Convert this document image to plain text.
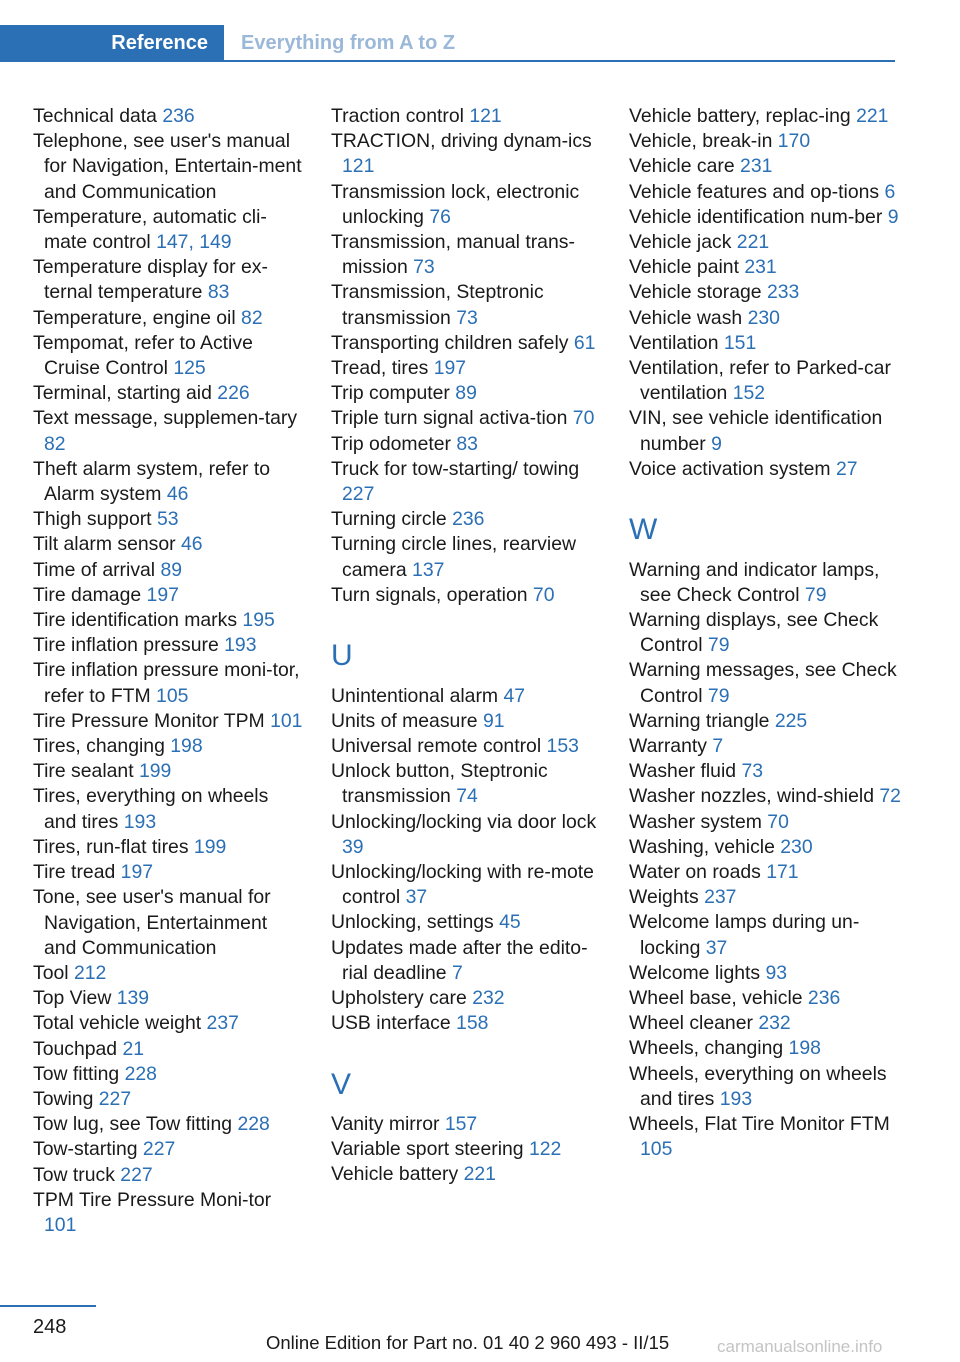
Reference	Everything from A to Z

Technical data 236

Telephone, see user's manual for Navigation, Entertain-ment and Communication

Temperature, automatic cli-mate control 147, 149

Temperature display for ex-ternal temperature 83

Temperature, engine oil 82

Tempomat, refer to Active Cruise Control 125

Terminal, starting aid 226

Text message, supplemen-tary 82

Theft alarm system, refer to Alarm system 46

Thigh support 53

Tilt alarm sensor 46

Time of arrival 89

Tire damage 197

Tire identification marks 195

Tire inflation pressure 193

Tire inflation pressure moni-tor, refer to FTM 105

Tire Pressure Monitor TPM 101

Tires, changing 198

Tire sealant 199

Tires, everything on wheels and tires 193

Tires, run-flat tires 199

Tire tread 197

Tone, see user's manual for Navigation, Entertainment and Communication

Tool 212

Top View 139

Total vehicle weight 237

Touchpad 21

Tow fitting 228

Towing 227

Tow lug, see Tow fitting 228

Tow-starting 227

Tow truck 227

TPM Tire Pressure Moni-tor 101

Traction control 121

TRACTION, driving dynam-ics 121

Transmission lock, electronic unlocking 76

Transmission, manual trans-mission 73

Transmission, Steptronic transmission 73

Transporting children safely 61

Tread, tires 197

Trip computer 89

Triple turn signal activa-tion 70

Trip odometer 83

Truck for tow-starting/ towing 227

Turning circle 236

Turning circle lines, rearview camera 137

Turn signals, operation 70

U

Unintentional alarm 47

Units of measure 91

Universal remote control 153

Unlock button, Steptronic transmission 74

Unlocking/locking via door lock 39

Unlocking/locking with re-mote control 37

Unlocking, settings 45

Updates made after the edito-rial deadline 7

Upholstery care 232

USB interface 158

V

Vanity mirror 157

Variable sport steering 122

Vehicle battery 221

Vehicle battery, replac-ing 221

Vehicle, break-in 170

Vehicle care 231

Vehicle features and op-tions 6

Vehicle identification num-ber 9

Vehicle jack 221

Vehicle paint 231

Vehicle storage 233

Vehicle wash 230

Ventilation 151

Ventilation, refer to Parked-car ventilation 152

VIN, see vehicle identification number 9

Voice activation system 27

W

Warning and indicator lamps, see Check Control 79

Warning displays, see Check Control 79

Warning messages, see Check Control 79

Warning triangle 225

Warranty 7

Washer fluid 73

Washer nozzles, wind-shield 72

Washer system 70

Washing, vehicle 230

Water on roads 171

Weights 237

Welcome lamps during un-locking 37

Welcome lights 93

Wheel base, vehicle 236

Wheel cleaner 232

Wheels, changing 198

Wheels, everything on wheels and tires 193

Wheels, Flat Tire Monitor FTM 105

248
Online Edition for Part no. 01 40 2 960 493 - II/15	carmanualsonline.info
